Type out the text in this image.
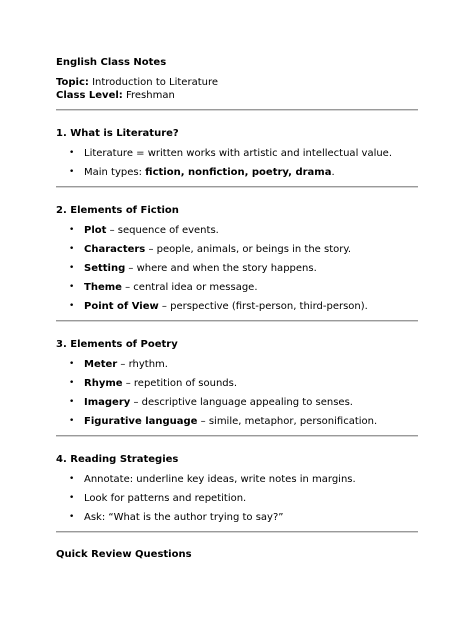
English Class Notes
Topic: Introduction to Literature
Class Level: Freshman
1. What is Literature?
• Literature = written works with artistic and intellectual value.
• Main types: fiction, nonfiction, poetry, drama.
2. Elements of Fiction
• Plot – sequence of events.
• Characters – people, animals, or beings in the story.
• Setting – where and when the story happens.
• Theme – central idea or message.
• Point of View – perspective (first-person, third-person).
3. Elements of Poetry
• Meter – rhythm.
• Rhyme – repetition of sounds.
• Imagery – descriptive language appealing to senses.
• Figurative language – simile, metaphor, personification.
4. Reading Strategies
• Annotate: underline key ideas, write notes in margins.
• Look for patterns and repetition.
• Ask: “What is the author trying to say?”
Quick Review Questions
